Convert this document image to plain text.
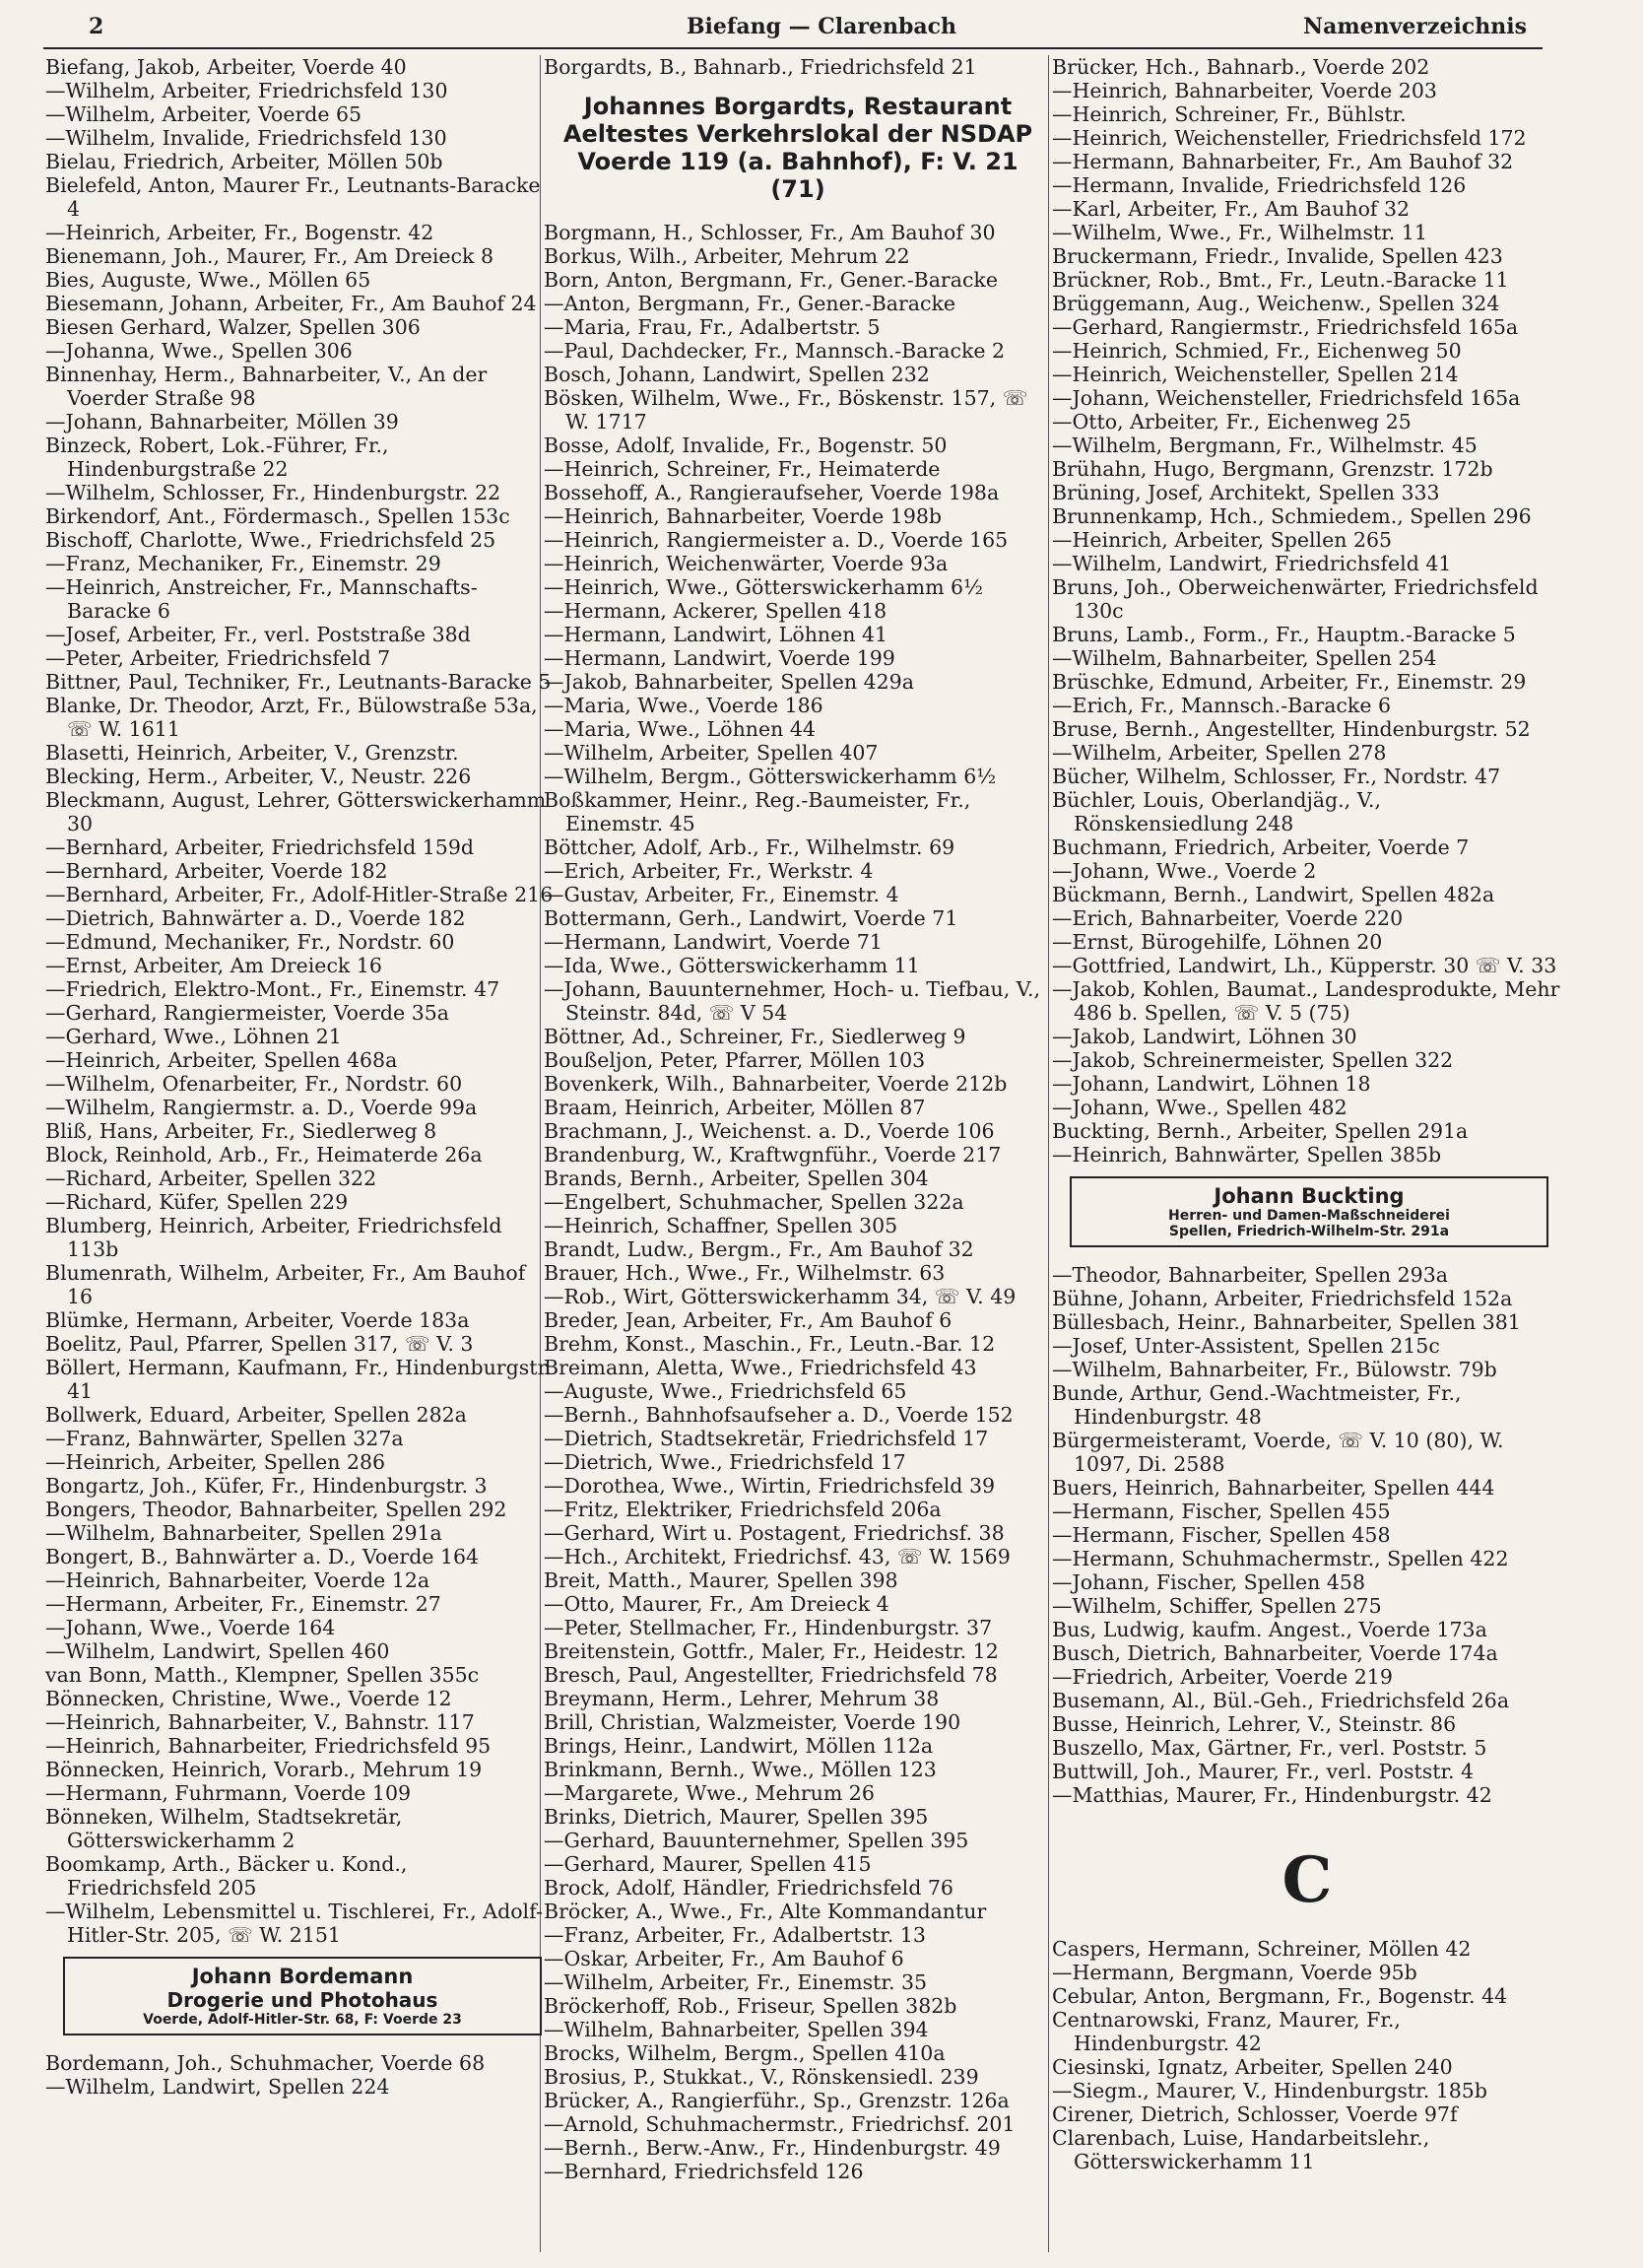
Biefang — Clarenbach
2	Namenverzeichnis
Biefang, Jakob, Arbeiter, Voerde 40
—Wilhelm, Arbeiter, Friedrichsfeld 130
—Wilhelm, Arbeiter, Voerde 65
—Wilhelm, Invalide, Friedrichsfeld 130
Bielau, Friedrich, Arbeiter, Möllen 50b
Bielefeld, Anton, Maurer Fr., Leutnants-Baracke 4
—Heinrich, Arbeiter, Fr., Bogenstr. 42
Bienemann, Joh., Maurer, Fr., Am Dreieck 8
Bies, Auguste, Wwe., Möllen 65
Biesemann, Johann, Arbeiter, Fr., Am Bauhof 24
Biesen Gerhard, Walzer, Spellen 306
—Johanna, Wwe., Spellen 306
Binnenhay, Herm., Bahnarbeiter, V., An der Voerder Straße 98
—Johann, Bahnarbeiter, Möllen 39
Binzeck, Robert, Lok.-Führer, Fr., Hindenburgstraße 22
—Wilhelm, Schlosser, Fr., Hindenburgstr. 22
Birkendorf, Ant., Fördermasch., Spellen 153c
Bischoff, Charlotte, Wwe., Friedrichsfeld 25
—Franz, Mechaniker, Fr., Einemstr. 29
—Heinrich, Anstreicher, Fr., Mannschafts-Baracke 6
—Josef, Arbeiter, Fr., verl. Poststraße 38d
—Peter, Arbeiter, Friedrichsfeld 7
Bittner, Paul, Techniker, Fr., Leutnants-Baracke 5
Blanke, Dr. Theodor, Arzt, Fr., Bülowstraße 53a, ☏ W. 1611
Blasetti, Heinrich, Arbeiter, V., Grenzstr.
Blecking, Herm., Arbeiter, V., Neustr. 226
Bleckmann, August, Lehrer, Götterswickerhamm 30
—Bernhard, Arbeiter, Friedrichsfeld 159d
—Bernhard, Arbeiter, Voerde 182
—Bernhard, Arbeiter, Fr., Adolf-Hitler-Straße 216
—Dietrich, Bahnwärter a. D., Voerde 182
—Edmund, Mechaniker, Fr., Nordstr. 60
—Ernst, Arbeiter, Am Dreieck 16
—Friedrich, Elektro-Mont., Fr., Einemstr. 47
—Gerhard, Rangiermeister, Voerde 35a
—Gerhard, Wwe., Löhnen 21
—Heinrich, Arbeiter, Spellen 468a
—Wilhelm, Ofenarbeiter, Fr., Nordstr. 60
—Wilhelm, Rangiermstr. a. D., Voerde 99a
Bliß, Hans, Arbeiter, Fr., Siedlerweg 8
Block, Reinhold, Arb., Fr., Heimaterde 26a
—Richard, Arbeiter, Spellen 322
—Richard, Küfer, Spellen 229
Blumberg, Heinrich, Arbeiter, Friedrichsfeld 113b
Blumenrath, Wilhelm, Arbeiter, Fr., Am Bauhof 16
Blümke, Hermann, Arbeiter, Voerde 183a
Boelitz, Paul, Pfarrer, Spellen 317, ☏ V. 3
Böllert, Hermann, Kaufmann, Fr., Hindenburgstr. 41
Bollwerk, Eduard, Arbeiter, Spellen 282a
—Franz, Bahnwärter, Spellen 327a
—Heinrich, Arbeiter, Spellen 286
Bongartz, Joh., Küfer, Fr., Hindenburgstr. 3
Bongers, Theodor, Bahnarbeiter, Spellen 292
—Wilhelm, Bahnarbeiter, Spellen 291a
Bongert, B., Bahnwärter a. D., Voerde 164
—Heinrich, Bahnarbeiter, Voerde 12a
—Hermann, Arbeiter, Fr., Einemstr. 27
—Johann, Wwe., Voerde 164
—Wilhelm, Landwirt, Spellen 460
van Bonn, Matth., Klempner, Spellen 355c
Bönnecken, Christine, Wwe., Voerde 12
—Heinrich, Bahnarbeiter, V., Bahnstr. 117
—Heinrich, Bahnarbeiter, Friedrichsfeld 95
Bönnecken, Heinrich, Vorarb., Mehrum 19
—Hermann, Fuhrmann, Voerde 109
Bönneken, Wilhelm, Stadtsekretär, Götterswickerhamm 2
Boomkamp, Arth., Bäcker u. Kond., Friedrichsfeld 205
—Wilhelm, Lebensmittel u. Tischlerei, Fr., Adolf-Hitler-Str. 205, ☏ W. 2151
Johann Bordemann
Drogerie und Photohaus
Voerde, Adolf-Hitler-Str. 68, F: Voerde 23
Bordemann, Joh., Schuhmacher, Voerde 68
—Wilhelm, Landwirt, Spellen 224
Borgardts, B., Bahnarb., Friedrichsfeld 21
Johannes Borgardts, Restaurant
Aeltestes Verkehrslokal der NSDAP
Voerde 119 (a. Bahnhof), F: V. 21 (71)
Borgmann, H., Schlosser, Fr., Am Bauhof 30
Borkus, Wilh., Arbeiter, Mehrum 22
Born, Anton, Bergmann, Fr., Gener.-Baracke
—Anton, Bergmann, Fr., Gener.-Baracke
—Maria, Frau, Fr., Adalbertstr. 5
—Paul, Dachdecker, Fr., Mannsch.-Baracke 2
Bosch, Johann, Landwirt, Spellen 232
Bösken, Wilhelm, Wwe., Fr., Böskenstr. 157, ☏ W. 1717
Bosse, Adolf, Invalide, Fr., Bogenstr. 50
—Heinrich, Schreiner, Fr., Heimaterde
Bossehoff, A., Rangieraufseher, Voerde 198a
—Heinrich, Bahnarbeiter, Voerde 198b
—Heinrich, Rangiermeister a. D., Voerde 165
—Heinrich, Weichenwärter, Voerde 93a
—Heinrich, Wwe., Götterswickerhamm 6½
—Hermann, Ackerer, Spellen 418
—Hermann, Landwirt, Löhnen 41
—Hermann, Landwirt, Voerde 199
—Jakob, Bahnarbeiter, Spellen 429a
—Maria, Wwe., Voerde 186
—Maria, Wwe., Löhnen 44
—Wilhelm, Arbeiter, Spellen 407
—Wilhelm, Bergm., Götterswickerhamm 6½
Boßkammer, Heinr., Reg.-Baumeister, Fr., Einemstr. 45
Böttcher, Adolf, Arb., Fr., Wilhelmstr. 69
—Erich, Arbeiter, Fr., Werkstr. 4
—Gustav, Arbeiter, Fr., Einemstr. 4
Bottermann, Gerh., Landwirt, Voerde 71
—Hermann, Landwirt, Voerde 71
—Ida, Wwe., Götterswickerhamm 11
—Johann, Bauunternehmer, Hoch- u. Tiefbau, V., Steinstr. 84d, ☏ V 54
Böttner, Ad., Schreiner, Fr., Siedlerweg 9
Boußeljon, Peter, Pfarrer, Möllen 103
Bovenkerk, Wilh., Bahnarbeiter, Voerde 212b
Braam, Heinrich, Arbeiter, Möllen 87
Brachmann, J., Weichenst. a. D., Voerde 106
Brandenburg, W., Kraftwgnführ., Voerde 217
Brands, Bernh., Arbeiter, Spellen 304
—Engelbert, Schuhmacher, Spellen 322a
—Heinrich, Schaffner, Spellen 305
Brandt, Ludw., Bergm., Fr., Am Bauhof 32
Brauer, Hch., Wwe., Fr., Wilhelmstr. 63
—Rob., Wirt, Götterswickerhamm 34, ☏ V. 49
Breder, Jean, Arbeiter, Fr., Am Bauhof 6
Brehm, Konst., Maschin., Fr., Leutn.-Bar. 12
Breimann, Aletta, Wwe., Friedrichsfeld 43
—Auguste, Wwe., Friedrichsfeld 65
—Bernh., Bahnhofsaufseher a. D., Voerde 152
—Dietrich, Stadtsekretär, Friedrichsfeld 17
—Dietrich, Wwe., Friedrichsfeld 17
—Dorothea, Wwe., Wirtin, Friedrichsfeld 39
—Fritz, Elektriker, Friedrichsfeld 206a
—Gerhard, Wirt u. Postagent, Friedrichsf. 38
—Hch., Architekt, Friedrichsf. 43, ☏ W. 1569
Breit, Matth., Maurer, Spellen 398
—Otto, Maurer, Fr., Am Dreieck 4
—Peter, Stellmacher, Fr., Hindenburgstr. 37
Breitenstein, Gottfr., Maler, Fr., Heidestr. 12
Bresch, Paul, Angestellter, Friedrichsfeld 78
Breymann, Herm., Lehrer, Mehrum 38
Brill, Christian, Walzmeister, Voerde 190
Brings, Heinr., Landwirt, Möllen 112a
Brinkmann, Bernh., Wwe., Möllen 123
—Margarete, Wwe., Mehrum 26
Brinks, Dietrich, Maurer, Spellen 395
—Gerhard, Bauunternehmer, Spellen 395
—Gerhard, Maurer, Spellen 415
Brock, Adolf, Händler, Friedrichsfeld 76
Bröcker, A., Wwe., Fr., Alte Kommandantur
—Franz, Arbeiter, Fr., Adalbertstr. 13
—Oskar, Arbeiter, Fr., Am Bauhof 6
—Wilhelm, Arbeiter, Fr., Einemstr. 35
Bröckerhoff, Rob., Friseur, Spellen 382b
—Wilhelm, Bahnarbeiter, Spellen 394
Brocks, Wilhelm, Bergm., Spellen 410a
Brosius, P., Stukkat., V., Rönskensiedl. 239
Brücker, A., Rangierführ., Sp., Grenzstr. 126a
—Arnold, Schuhmachermstr., Friedrichsf. 201
—Bernh., Berw.-Anw., Fr., Hindenburgstr. 49
—Bernhard, Friedrichsfeld 126
Brücker, Hch., Bahnarb., Voerde 202
—Heinrich, Bahnarbeiter, Voerde 203
—Heinrich, Schreiner, Fr., Bühlstr.
—Heinrich, Weichensteller, Friedrichsfeld 172
—Hermann, Bahnarbeiter, Fr., Am Bauhof 32
—Hermann, Invalide, Friedrichsfeld 126
—Karl, Arbeiter, Fr., Am Bauhof 32
—Wilhelm, Wwe., Fr., Wilhelmstr. 11
Bruckermann, Friedr., Invalide, Spellen 423
Brückner, Rob., Bmt., Fr., Leutn.-Baracke 11
Brüggemann, Aug., Weichenw., Spellen 324
—Gerhard, Rangiermstr., Friedrichsfeld 165a
—Heinrich, Schmied, Fr., Eichenweg 50
—Heinrich, Weichensteller, Spellen 214
—Johann, Weichensteller, Friedrichsfeld 165a
—Otto, Arbeiter, Fr., Eichenweg 25
—Wilhelm, Bergmann, Fr., Wilhelmstr. 45
Brühahn, Hugo, Bergmann, Grenzstr. 172b
Brüning, Josef, Architekt, Spellen 333
Brunnenkamp, Hch., Schmiedem., Spellen 296
—Heinrich, Arbeiter, Spellen 265
—Wilhelm, Landwirt, Friedrichsfeld 41
Bruns, Joh., Oberweichenwärter, Friedrichsfeld 130c
Bruns, Lamb., Form., Fr., Hauptm.-Baracke 5
—Wilhelm, Bahnarbeiter, Spellen 254
Brüschke, Edmund, Arbeiter, Fr., Einemstr. 29
—Erich, Fr., Mannsch.-Baracke 6
Bruse, Bernh., Angestellter, Hindenburgstr. 52
—Wilhelm, Arbeiter, Spellen 278
Bücher, Wilhelm, Schlosser, Fr., Nordstr. 47
Büchler, Louis, Oberlandjäg., V., Rönskensiedlung 248
Buchmann, Friedrich, Arbeiter, Voerde 7
—Johann, Wwe., Voerde 2
Bückmann, Bernh., Landwirt, Spellen 482a
—Erich, Bahnarbeiter, Voerde 220
—Ernst, Bürogehilfe, Löhnen 20
—Gottfried, Landwirt, Lh., Küpperstr. 30 ☏ V. 33
—Jakob, Kohlen, Baumat., Landesprodukte, Mehr 486 b. Spellen, ☏ V. 5 (75)
—Jakob, Landwirt, Löhnen 30
—Jakob, Schreinermeister, Spellen 322
—Johann, Landwirt, Löhnen 18
—Johann, Wwe., Spellen 482
Buckting, Bernh., Arbeiter, Spellen 291a
—Heinrich, Bahnwärter, Spellen 385b
Johann Buckting
Herren- und Damen-Maßschneiderei
Spellen, Friedrich-Wilhelm-Str. 291a
—Theodor, Bahnarbeiter, Spellen 293a
Bühne, Johann, Arbeiter, Friedrichsfeld 152a
Büllesbach, Heinr., Bahnarbeiter, Spellen 381
—Josef, Unter-Assistent, Spellen 215c
—Wilhelm, Bahnarbeiter, Fr., Bülowstr. 79b
Bunde, Arthur, Gend.-Wachtmeister, Fr., Hindenburgstr. 48
Bürgermeisteramt, Voerde, ☏ V. 10 (80), W. 1097, Di. 2588
Buers, Heinrich, Bahnarbeiter, Spellen 444
—Hermann, Fischer, Spellen 455
—Hermann, Fischer, Spellen 458
—Hermann, Schuhmachermstr., Spellen 422
—Johann, Fischer, Spellen 458
—Wilhelm, Schiffer, Spellen 275
Bus, Ludwig, kaufm. Angest., Voerde 173a
Busch, Dietrich, Bahnarbeiter, Voerde 174a
—Friedrich, Arbeiter, Voerde 219
Busemann, Al., Bül.-Geh., Friedrichsfeld 26a
Busse, Heinrich, Lehrer, V., Steinstr. 86
Buszello, Max, Gärtner, Fr., verl. Poststr. 5
Buttwill, Joh., Maurer, Fr., verl. Poststr. 4
—Matthias, Maurer, Fr., Hindenburgstr. 42
C
Caspers, Hermann, Schreiner, Möllen 42
—Hermann, Bergmann, Voerde 95b
Cebular, Anton, Bergmann, Fr., Bogenstr. 44
Centnarowski, Franz, Maurer, Fr., Hindenburgstr. 42
Ciesinski, Ignatz, Arbeiter, Spellen 240
—Siegm., Maurer, V., Hindenburgstr. 185b
Cirener, Dietrich, Schlosser, Voerde 97f
Clarenbach, Luise, Handarbeitslehr., Götterswickerhamm 11
